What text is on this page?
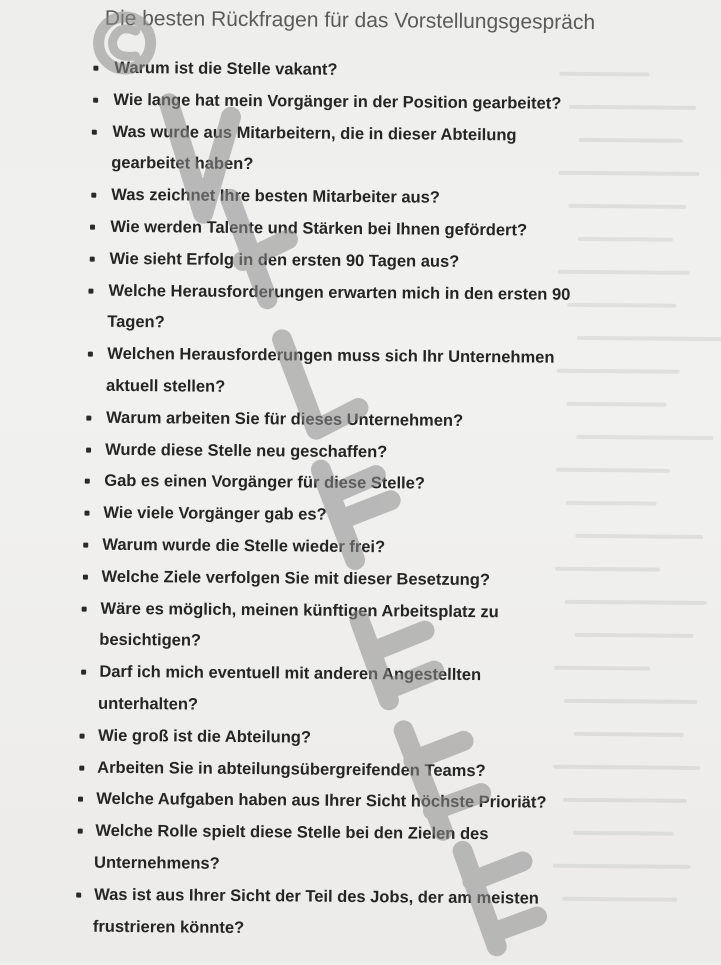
Die besten Rückfragen für das Vorstellungsgespräch
Warum ist die Stelle vakant?
Wie lange hat mein Vorgänger in der Position gearbeitet?
Was wurde aus Mitarbeitern, die in dieser Abteilung
gearbeitet haben?
Was zeichnet Ihre besten Mitarbeiter aus?
Wie werden Talente und Stärken bei Ihnen gefördert?
Wie sieht Erfolg in den ersten 90 Tagen aus?
Welche Herausforderungen erwarten mich in den ersten 90
Tagen?
Welchen Herausforderungen muss sich Ihr Unternehmen
aktuell stellen?
Warum arbeiten Sie für dieses Unternehmen?
Wurde diese Stelle neu geschaffen?
Gab es einen Vorgänger für diese Stelle?
Wie viele Vorgänger gab es?
Warum wurde die Stelle wieder frei?
Welche Ziele verfolgen Sie mit dieser Besetzung?
Wäre es möglich, meinen künftigen Arbeitsplatz zu
besichtigen?
Darf ich mich eventuell mit anderen Angestellten
unterhalten?
Wie groß ist die Abteilung?
Arbeiten Sie in abteilungsübergreifenden Teams?
Welche Aufgaben haben aus Ihrer Sicht höchste Prioriät?
Welche Rolle spielt diese Stelle bei den Zielen des
Unternehmens?
Was ist aus Ihrer Sicht der Teil des Jobs, der am meisten
frustrieren könnte?
